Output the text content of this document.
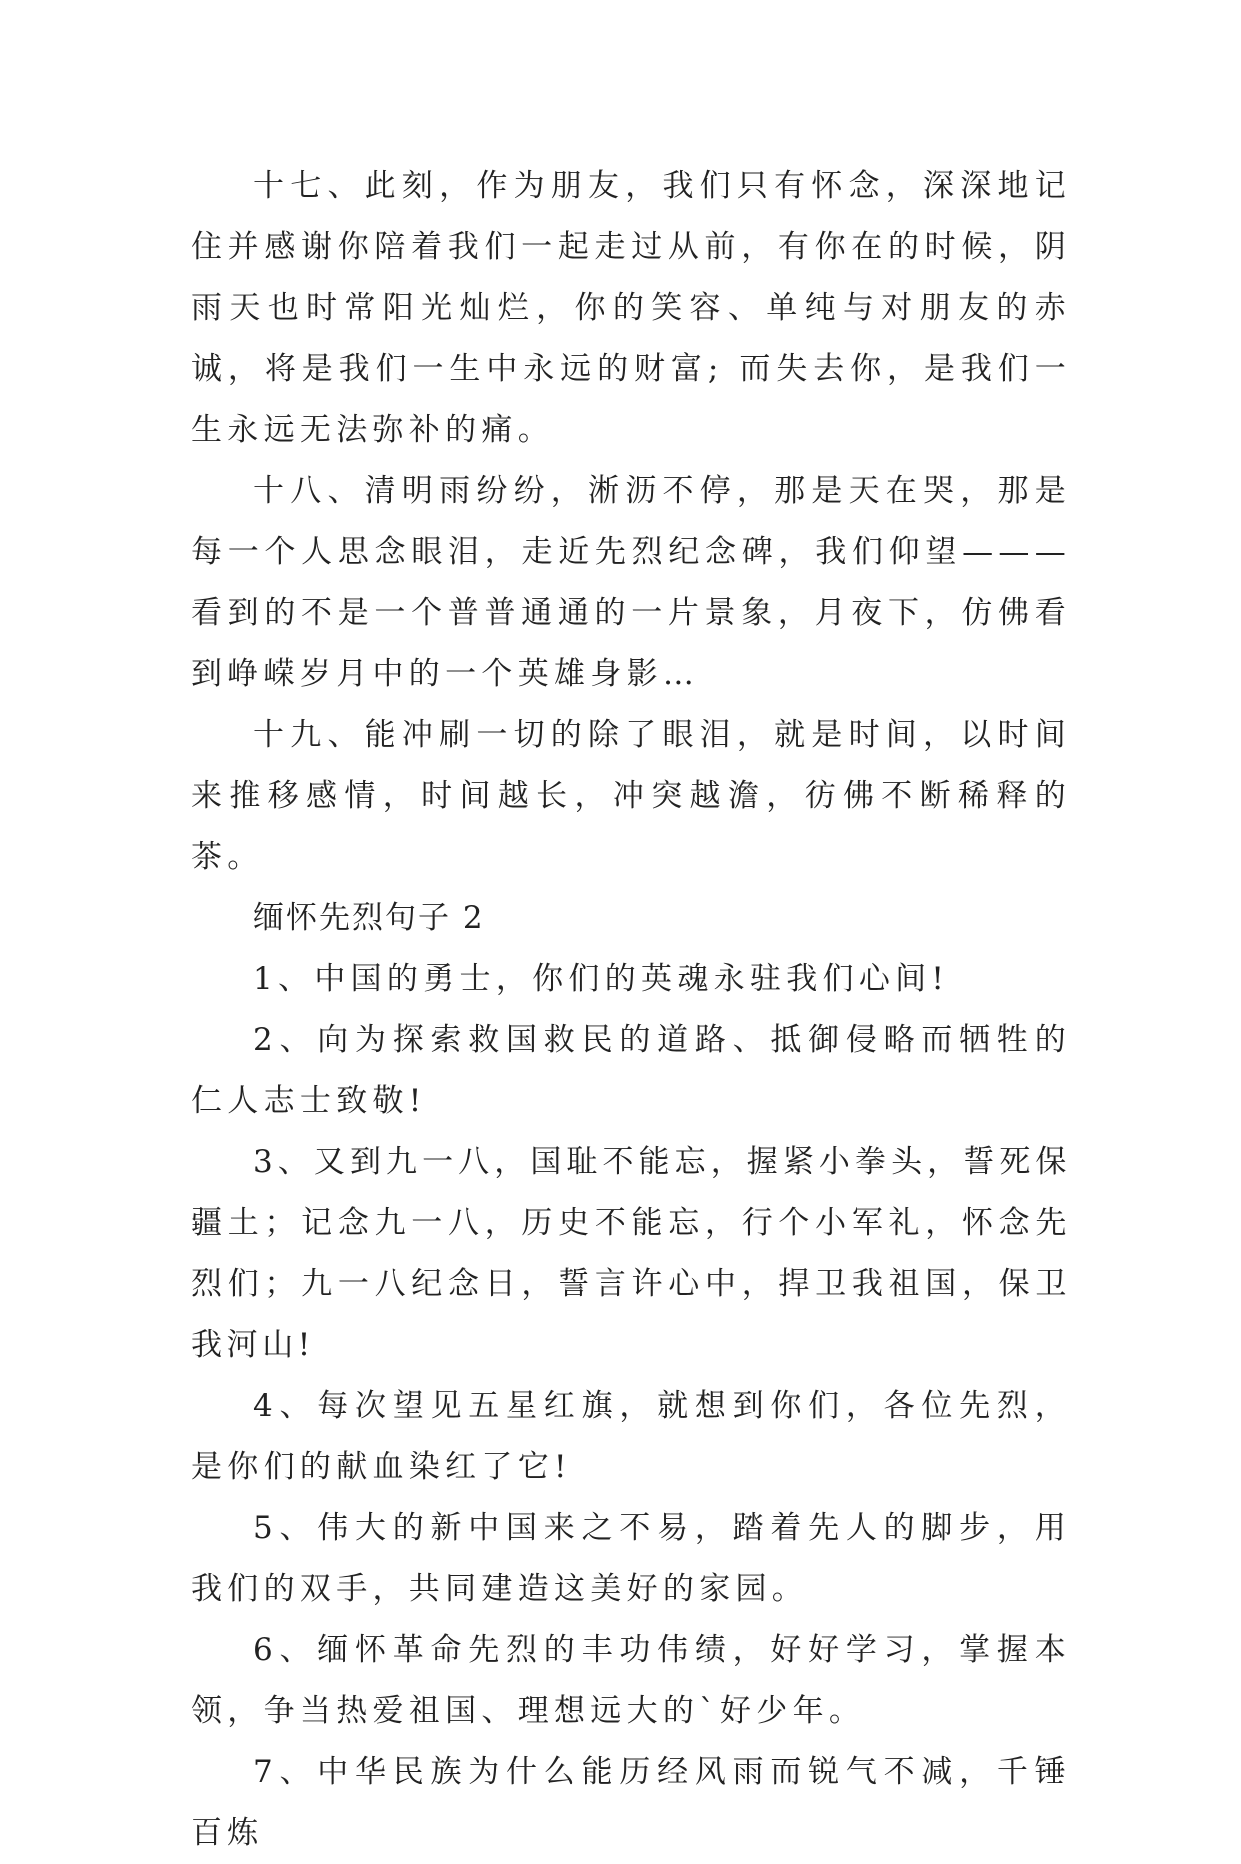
十七、此刻，作为朋友，我们只有怀念，深深地记住并感谢你陪着我们一起走过从前，有你在的时候，阴雨天也时常阳光灿烂，你的笑容、单纯与对朋友的赤诚，将是我们一生中永远的财富; 而失去你，是我们一生永远无法弥补的痛。

十八、清明雨纷纷，淅沥不停，那是天在哭，那是每一个人思念眼泪，走近先烈纪念碑，我们仰望———看到的不是一个普普通通的一片景象，月夜下，仿佛看到峥嵘岁月中的一个英雄身影…

十九、能冲刷一切的除了眼泪，就是时间，以时间来推移感情，时间越长，冲突越澹，彷佛不断稀释的茶。

缅怀先烈句子 2

1、中国的勇士，你们的英魂永驻我们心间!

2、向为探索救国救民的道路、抵御侵略而牺牲的仁人志士致敬!

3、又到九一八，国耻不能忘，握紧小拳头，誓死保疆土；记念九一八，历史不能忘，行个小军礼，怀念先烈们；九一八纪念日，誓言许心中，捍卫我祖国，保卫我河山!

4、每次望见五星红旗，就想到你们，各位先烈，是你们的献血染红了它!

5、伟大的新中国来之不易，踏着先人的脚步，用我们的双手，共同建造这美好的家园。

6、缅怀革命先烈的丰功伟绩，好好学习，掌握本领，争当热爱祖国、理想远大的`好少年。

7、中华民族为什么能历经风雨而锐气不减，千锤百炼
